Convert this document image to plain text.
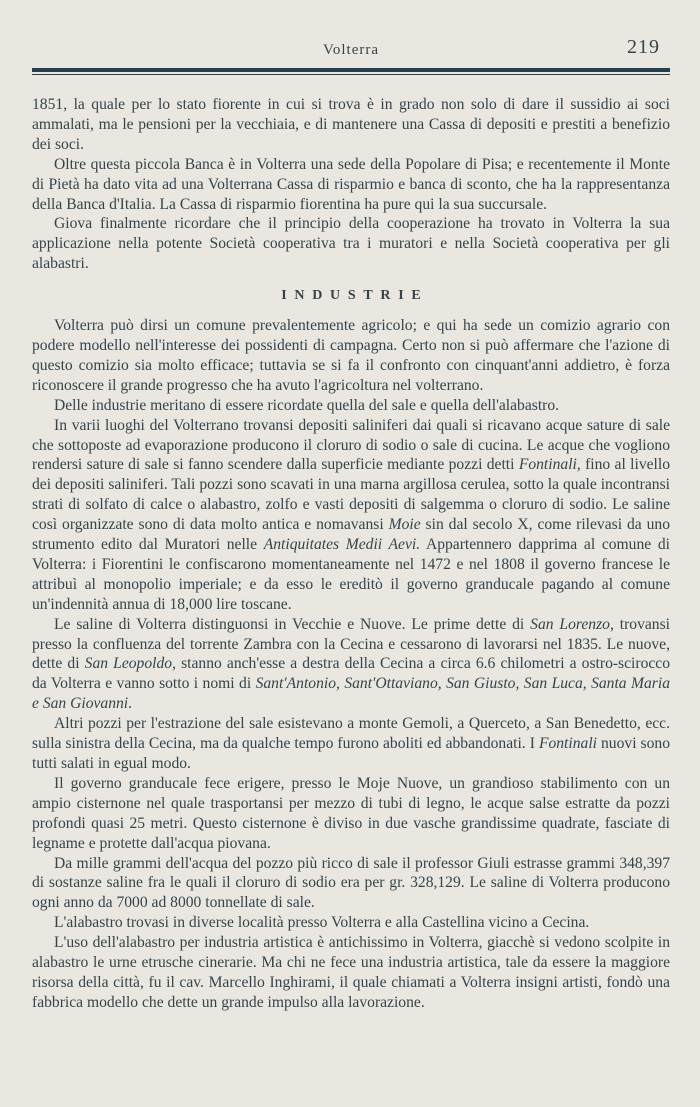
Volterra	219

1851, la quale per lo stato fiorente in cui si trova è in grado non solo di dare il sussidio ai soci ammalati, ma le pensioni per la vecchiaia, e di mantenere una Cassa di depositi e prestiti a benefizio dei soci.

Oltre questa piccola Banca è in Volterra una sede della Popolare di Pisa; e recentemente il Monte di Pietà ha dato vita ad una Volterrana Cassa di risparmio e banca di sconto, che ha la rappresentanza della Banca d'Italia. La Cassa di risparmio fiorentina ha pure qui la sua succursale.

Giova finalmente ricordare che il principio della cooperazione ha trovato in Volterra la sua applicazione nella potente Società cooperativa tra i muratori e nella Società cooperativa per gli alabastri.

INDUSTRIE

Volterra può dirsi un comune prevalentemente agricolo; e qui ha sede un comizio agrario con podere modello nell'interesse dei possidenti di campagna. Certo non si può affermare che l'azione di questo comizio sia molto efficace; tuttavia se si fa il confronto con cinquant'anni addietro, è forza riconoscere il grande progresso che ha avuto l'agricoltura nel volterrano.

Delle industrie meritano di essere ricordate quella del sale e quella dell'alabastro.

In varii luoghi del Volterrano trovansi depositi saliniferi dai quali si ricavano acque sature di sale che sottoposte ad evaporazione producono il cloruro di sodio o sale di cucina. Le acque che vogliono rendersi sature di sale si fanno scendere dalla superficie mediante pozzi detti Fontinali, fino al livello dei depositi saliniferi. Tali pozzi sono scavati in una marna argillosa cerulea, sotto la quale incontransi strati di solfato di calce o alabastro, zolfo e vasti depositi di salgemma o cloruro di sodio. Le saline così organizzate sono di data molto antica e nomavansi Moie sin dal secolo X, come rilevasi da uno strumento edito dal Muratori nelle Antiquitates Medii Aevi. Appartennero dapprima al comune di Volterra: i Fiorentini le confiscarono momentaneamente nel 1472 e nel 1808 il governo francese le attribuì al monopolio imperiale; e da esso le ereditò il governo granducale pagando al comune un'indennità annua di 18,000 lire toscane.

Le saline di Volterra distinguonsi in Vecchie e Nuove. Le prime dette di San Lorenzo, trovansi presso la confluenza del torrente Zambra con la Cecina e cessarono di lavorarsi nel 1835. Le nuove, dette di San Leopoldo, stanno anch'esse a destra della Cecina a circa 6.6 chilometri a ostro-scirocco da Volterra e vanno sotto i nomi di Sant'Antonio, Sant'Ottaviano, San Giusto, San Luca, Santa Maria e San Giovanni.

Altri pozzi per l'estrazione del sale esistevano a monte Gemoli, a Querceto, a San Benedetto, ecc. sulla sinistra della Cecina, ma da qualche tempo furono aboliti ed abbandonati. I Fontinali nuovi sono tutti salati in egual modo.

Il governo granducale fece erigere, presso le Moje Nuove, un grandioso stabilimento con un ampio cisternone nel quale trasportansi per mezzo di tubi di legno, le acque salse estratte da pozzi profondi quasi 25 metri. Questo cisternone è diviso in due vasche grandissime quadrate, fasciate di legname e protette dall'acqua piovana.

Da mille grammi dell'acqua del pozzo più ricco di sale il professor Giuli estrasse grammi 348,397 di sostanze saline fra le quali il cloruro di sodio era per gr. 328,129. Le saline di Volterra producono ogni anno da 7000 ad 8000 tonnellate di sale.

L'alabastro trovasi in diverse località presso Volterra e alla Castellina vicino a Cecina.

L'uso dell'alabastro per industria artistica è antichissimo in Volterra, giacchè si vedono scolpite in alabastro le urne etrusche cinerarie. Ma chi ne fece una industria artistica, tale da essere la maggiore risorsa della città, fu il cav. Marcello Inghirami, il quale chiamati a Volterra insigni artisti, fondò una fabbrica modello che dette un grande impulso alla lavorazione.
